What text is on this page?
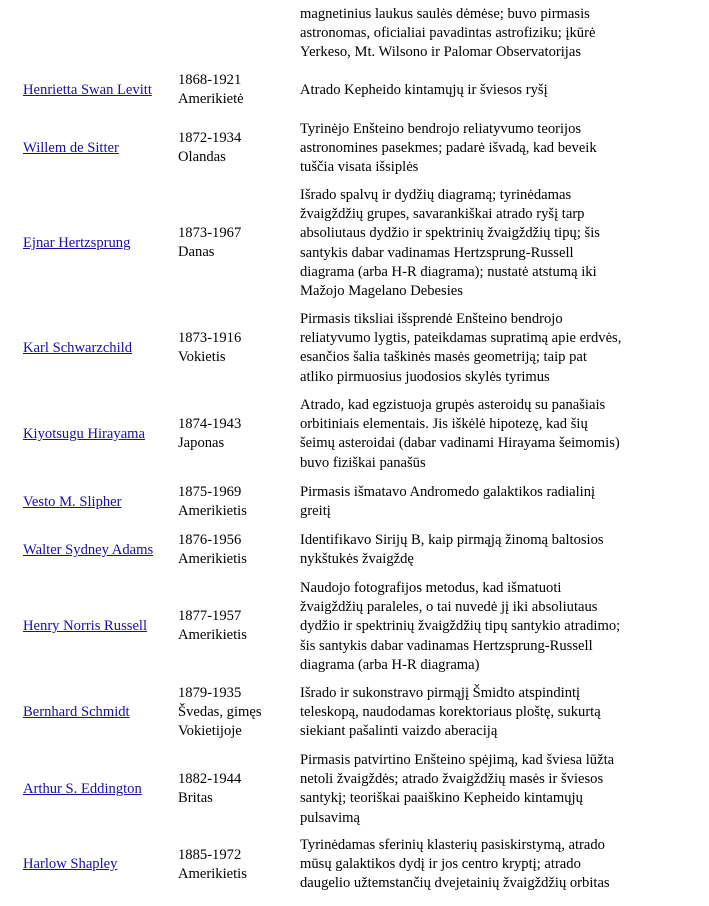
magnetinius laukus saulės dėmėse; buvo pirmasis
astronomas, oficialiai pavadintas astrofiziku; įkūrė
Yerkeso, Mt. Wilsono ir Palomar Observatorijas
Henrietta Swan Levitt
1868-1921
Amerikietė
Atrado Kepheido kintamųjų ir šviesos ryšį
Willem de Sitter
1872-1934
Olandas
Tyrinėjo Enšteino bendrojo reliatyvumo teorijos
astronomines pasekmes; padarė išvadą, kad beveik
tuščia visata išsiplės
Ejnar Hertzsprung
1873-1967
Danas
Išrado spalvų ir dydžių diagramą; tyrinėdamas
žvaigždžių grupes, savarankiškai atrado ryšį tarp
absoliutaus dydžio ir spektrinių žvaigždžių tipų; šis
santykis dabar vadinamas Hertzsprung-Russell
diagrama (arba H-R diagrama); nustatė atstumą iki
Mažojo Magelano Debesies
Karl Schwarzchild
1873-1916
Vokietis
Pirmasis tiksliai išsprendė Enšteino bendrojo
reliatyvumo lygtis, pateikdamas supratimą apie erdvės,
esančios šalia taškinės masės geometriją; taip pat
atliko pirmuosius juodosios skylės tyrimus
Kiyotsugu Hirayama
1874-1943
Japonas
Atrado, kad egzistuoja grupės asteroidų su panašiais
orbitiniais elementais. Jis iškėlė hipotezę, kad šių
šeimų asteroidai (dabar vadinami Hirayama šeimomis)
buvo fiziškai panašūs
Vesto M. Slipher
1875-1969
Amerikietis
Pirmasis išmatavo Andromedo galaktikos radialinį
greitį
Walter Sydney Adams
1876-1956
Amerikietis
Identifikavo Sirijų B, kaip pirmąją žinomą baltosios
nykštukės žvaigždę
Henry Norris Russell
1877-1957
Amerikietis
Naudojo fotografijos metodus, kad išmatuoti
žvaigždžių paraleles, o tai nuvedė jį iki absoliutaus
dydžio ir spektrinių žvaigždžių tipų santykio atradimo;
šis santykis dabar vadinamas Hertzsprung-Russell
diagrama (arba H-R diagrama)
Bernhard Schmidt
1879-1935
Švedas, gimęs
Vokietijoje
Išrado ir sukonstravo pirmąjį Šmidto atspindintį
teleskopą, naudodamas korektoriaus ploštę, sukurtą
siekiant pašalinti vaizdo aberaciją
Arthur S. Eddington
1882-1944
Britas
Pirmasis patvirtino Enšteino spėjimą, kad šviesa lūžta
netoli žvaigždės; atrado žvaigždžių masės ir šviesos
santykį; teoriškai paaiškino Kepheido kintamųjų
pulsavimą
Harlow Shapley
1885-1972
Amerikietis
Tyrinėdamas sferinių klasterių pasiskirstymą, atrado
mūsų galaktikos dydį ir jos centro kryptį; atrado
daugelio užtemstančių dvejetainių žvaigždžių orbitas
